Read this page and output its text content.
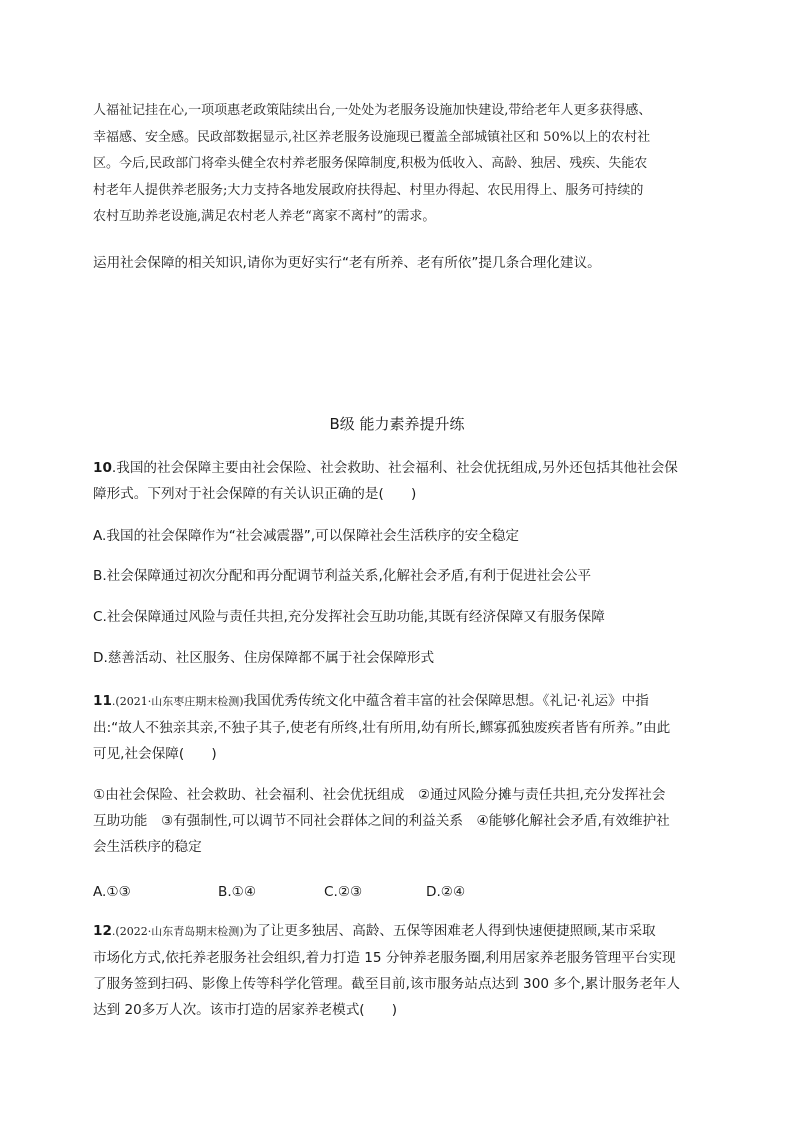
人福祉记挂在心,一项项惠老政策陆续出台,一处处为老服务设施加快建设,带给老年人更多获得感、
幸福感、安全感。民政部数据显示,社区养老服务设施现已覆盖全部城镇社区和 50%以上的农村社
区。今后,民政部门将牵头健全农村养老服务保障制度,积极为低收入、高龄、独居、残疾、失能农
村老年人提供养老服务;大力支持各地发展政府扶得起、村里办得起、农民用得上、服务可持续的
农村互助养老设施,满足农村老人养老“离家不离村”的需求。
运用社会保障的相关知识,请你为更好实行“老有所养、老有所依”提几条合理化建议。
B级 能力素养提升练
10.我国的社会保障主要由社会保险、社会救助、社会福利、社会优抚组成,另外还包括其他社会保
障形式。下列对于社会保障的有关认识正确的是(　　)
A.我国的社会保障作为“社会减震器”,可以保障社会生活秩序的安全稳定
B.社会保障通过初次分配和再分配调节利益关系,化解社会矛盾,有利于促进社会公平
C.社会保障通过风险与责任共担,充分发挥社会互助功能,其既有经济保障又有服务保障
D.慈善活动、社区服务、住房保障都不属于社会保障形式
11.(2021·山东枣庄期末检测)我国优秀传统文化中蕴含着丰富的社会保障思想。《礼记·礼运》中指
出:“故人不独亲其亲,不独子其子,使老有所终,壮有所用,幼有所长,鳏寡孤独废疾者皆有所养。”由此
可见,社会保障(　　)
①由社会保险、社会救助、社会福利、社会优抚组成　②通过风险分摊与责任共担,充分发挥社会
互助功能　③有强制性,可以调节不同社会群体之间的利益关系　④能够化解社会矛盾,有效维护社
会生活秩序的稳定
A.①③	B.①④	C.②③	D.②④
12.(2022·山东青岛期末检测)为了让更多独居、高龄、五保等困难老人得到快速便捷照顾,某市采取
市场化方式,依托养老服务社会组织,着力打造 15 分钟养老服务圈,利用居家养老服务管理平台实现
了服务签到扫码、影像上传等科学化管理。截至目前,该市服务站点达到 300 多个,累计服务老年人
达到 20多万人次。该市打造的居家养老模式(　　)
